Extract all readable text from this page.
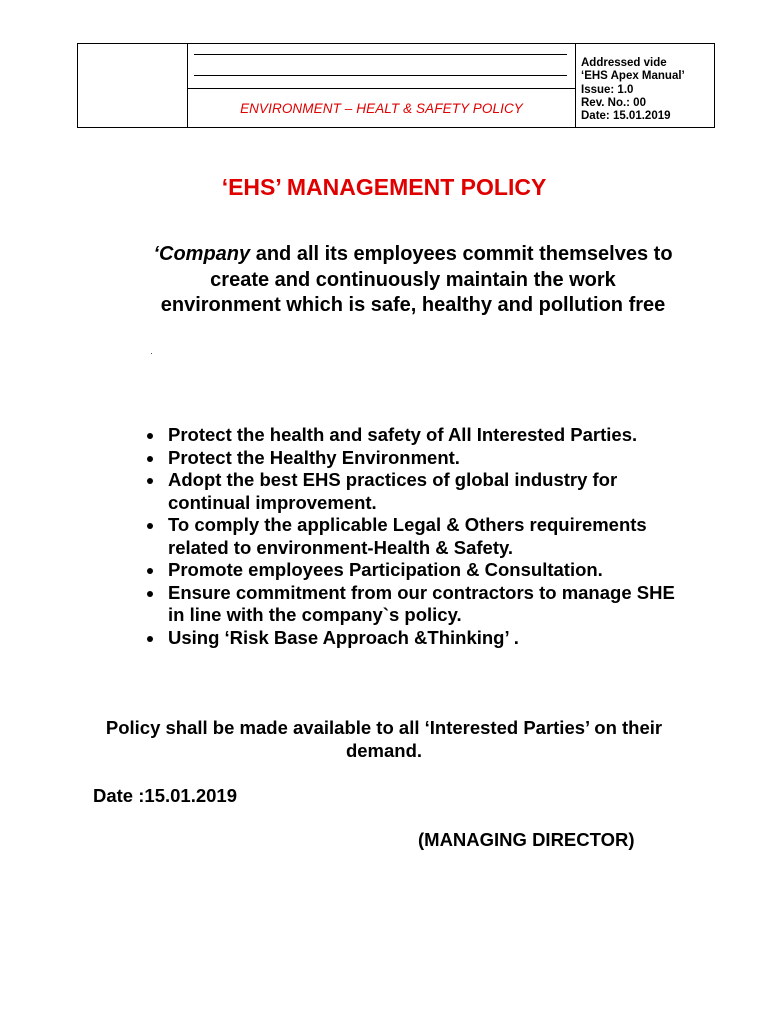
ENVIRONMENT – HEALT & SAFETY POLICY
Addressed vide
‘EHS Apex Manual’
Issue: 1.0
Rev. No.: 00
Date: 15.01.2019
‘EHS’ MANAGEMENT POLICY

‘Company and all its employees commit themselves to create and continuously maintain the work environment which is safe, healthy and pollution free

Protect the health and safety of All Interested Parties.
Protect the Healthy Environment.
Adopt the best EHS practices of global industry for continual improvement.
To comply the applicable Legal & Others requirements related to environment-Health & Safety.
Promote employees Participation & Consultation.
Ensure commitment from our contractors to manage SHE in line with the company`s policy.
Using ‘Risk Base Approach &Thinking’ .

Policy shall be made available to all ‘Interested Parties’ on their demand.

Date :15.01.2019

(MANAGING DIRECTOR)
